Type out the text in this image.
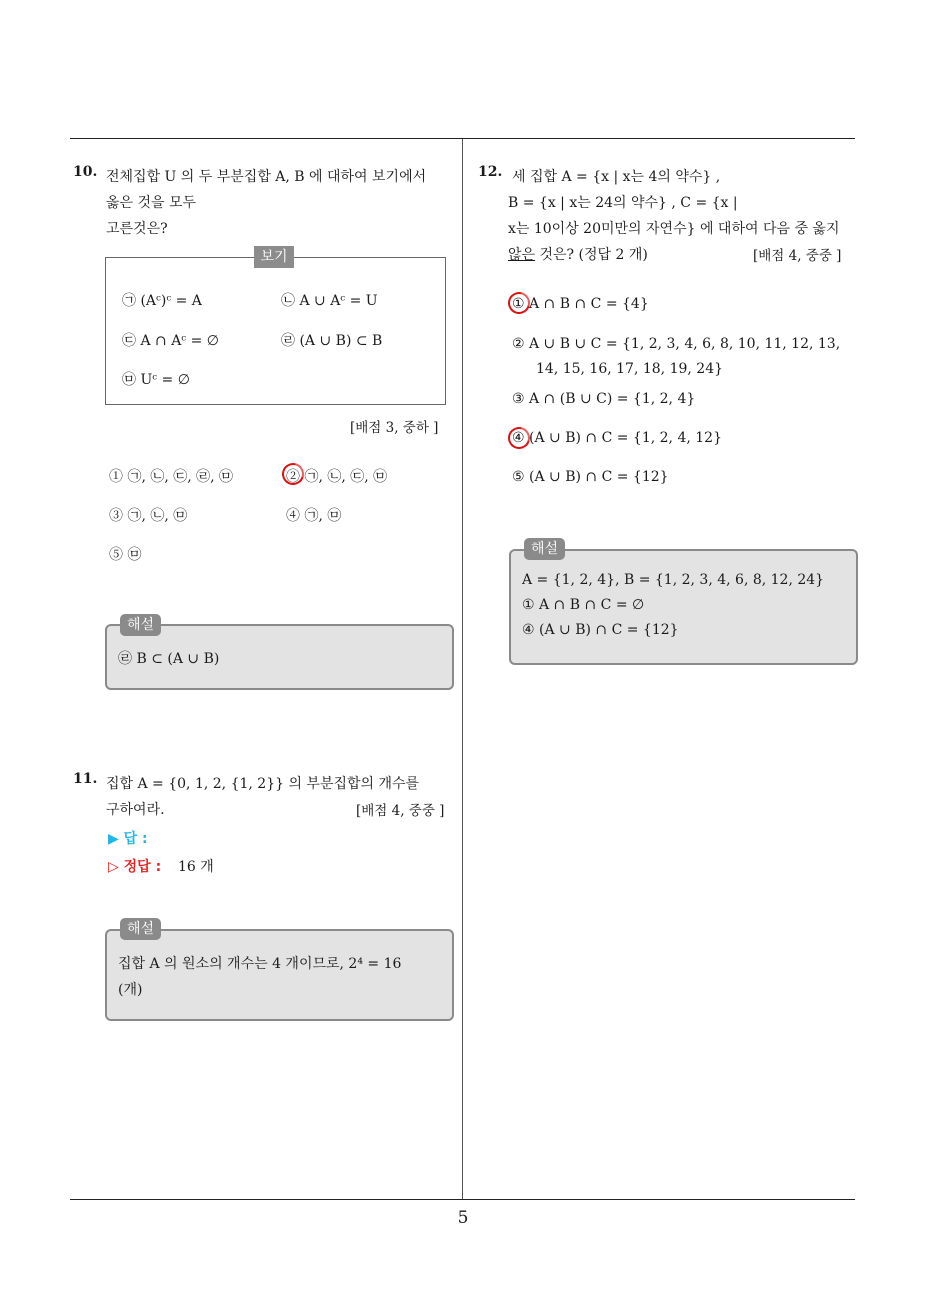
5
10. 전체집합 U 의 두 부분집합 A, B 에 대하여 보기에서
옳은 것을 모두
고른것은?
보기
㉠ (Aᶜ)ᶜ = A	㉡ A ∪ Aᶜ = U
㉢ A ∩ Aᶜ = ∅	㉣ (A ∪ B) ⊂ B
㉤ Uᶜ = ∅
[배점 3, 중하 ]
① ㉠, ㉡, ㉢, ㉣, ㉤	② ㉠, ㉡, ㉢, ㉤
③ ㉠, ㉡, ㉤	④ ㉠, ㉤
⑤ ㉤
해설
㉣ B ⊂ (A ∪ B)
11. 집합 A = {0, 1, 2, {1, 2}} 의 부분집합의 개수를
구하여라.	[배점 4, 중중 ]
▶ 답 :
▷ 정답 : 16 개
해설
집합 A 의 원소의 개수는 4 개이므로, 2⁴ = 16
(개)
12. 세 집합 A = {x | x는 4의 약수} ,
B = {x | x는 24의 약수} , C = {x |
x는 10이상 20미만의 자연수} 에 대하여 다음 중 옳지
않은 것은? (정답 2 개)	[배점 4, 중중 ]
① A ∩ B ∩ C = {4}
② A ∪ B ∪ C = {1, 2, 3, 4, 6, 8, 10, 11, 12, 13,
14, 15, 16, 17, 18, 19, 24}
③ A ∩ (B ∪ C) = {1, 2, 4}
④ (A ∪ B) ∩ C = {1, 2, 4, 12}
⑤ (A ∪ B) ∩ C = {12}
해설
A = {1, 2, 4}, B = {1, 2, 3, 4, 6, 8, 12, 24}
① A ∩ B ∩ C = ∅
④ (A ∪ B) ∩ C = {12}
